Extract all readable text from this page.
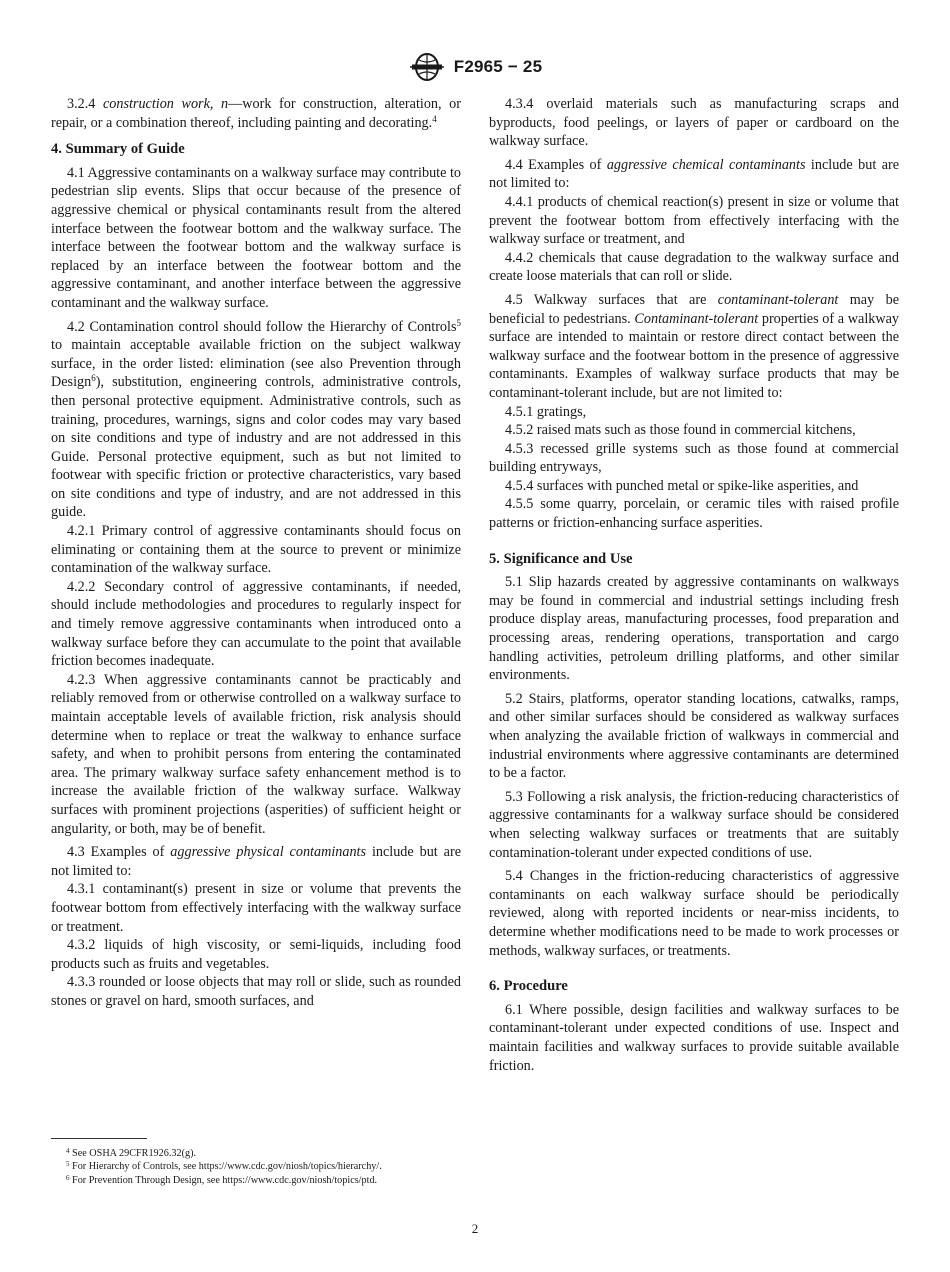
F2965 − 25

3.2.4 construction work, n—work for construction, alteration, or repair, or a combination thereof, including painting and decorating.$^4$

4. Summary of Guide

4.1 Aggressive contaminants on a walkway surface may contribute to pedestrian slip events. Slips that occur because of the presence of aggressive chemical or physical contaminants result from the altered interface between the footwear bottom and the walkway surface. The interface between the footwear bottom and the walkway surface is replaced by an interface between the footwear bottom and the aggressive contaminant, and another interface between the aggressive contaminant and the walkway surface.

4.2 Contamination control should follow the Hierarchy of Controls$^5$ to maintain acceptable available friction on the subject walkway surface, in the order listed: elimination (see also Prevention through Design$^6$), substitution, engineering controls, administrative controls, then personal protective equipment. Administrative controls, such as training, procedures, warnings, signs and color codes may vary based on site conditions and type of industry and are not addressed in this Guide. Personal protective equipment, such as but not limited to footwear with specific friction or protective characteristics, vary based on site conditions and type of industry, and are not addressed in this guide.

4.2.1 Primary control of aggressive contaminants should focus on eliminating or containing them at the source to prevent or minimize contamination of the walkway surface.

4.2.2 Secondary control of aggressive contaminants, if needed, should include methodologies and procedures to regularly inspect for and timely remove aggressive contaminants when introduced onto a walkway surface before they can accumulate to the point that available friction becomes inadequate.

4.2.3 When aggressive contaminants cannot be practicably and reliably removed from or otherwise controlled on a walkway surface to maintain acceptable levels of available friction, risk analysis should determine when to replace or treat the walkway to enhance surface safety, and when to prohibit persons from entering the contaminated area. The primary walkway surface safety enhancement method is to increase the available friction of the walkway surface. Walkway surfaces with prominent projections (asperities) of sufficient height or angularity, or both, may be of benefit.

4.3 Examples of aggressive physical contaminants include but are not limited to:

4.3.1 contaminant(s) present in size or volume that prevents the footwear bottom from effectively interfacing with the walkway surface or treatment.

4.3.2 liquids of high viscosity, or semi-liquids, including food products such as fruits and vegetables.

4.3.3 rounded or loose objects that may roll or slide, such as rounded stones or gravel on hard, smooth surfaces, and

4.3.4 overlaid materials such as manufacturing scraps and byproducts, food peelings, or layers of paper or cardboard on the walkway surface.

4.4 Examples of aggressive chemical contaminants include but are not limited to:

4.4.1 products of chemical reaction(s) present in size or volume that prevent the footwear bottom from effectively interfacing with the walkway surface or treatment, and

4.4.2 chemicals that cause degradation to the walkway surface and create loose materials that can roll or slide.

4.5 Walkway surfaces that are contaminant-tolerant may be beneficial to pedestrians. Contaminant-tolerant properties of a walkway surface are intended to maintain or restore direct contact between the walkway surface and the footwear bottom in the presence of aggressive contaminants. Examples of walkway surface products that may be contaminant-tolerant include, but are not limited to:

4.5.1 gratings,

4.5.2 raised mats such as those found in commercial kitchens,

4.5.3 recessed grille systems such as those found at commercial building entryways,

4.5.4 surfaces with punched metal or spike-like asperities, and

4.5.5 some quarry, porcelain, or ceramic tiles with raised profile patterns or friction-enhancing surface asperities.

5. Significance and Use

5.1 Slip hazards created by aggressive contaminants on walkways may be found in commercial and industrial settings including fresh produce display areas, manufacturing processes, food preparation and processing areas, rendering operations, transportation and cargo handling activities, petroleum drilling platforms, and other similar environments.

5.2 Stairs, platforms, operator standing locations, catwalks, ramps, and other similar surfaces should be considered as walkway surfaces when analyzing the available friction of walkways in commercial and industrial environments where aggressive contaminants are determined to be a factor.

5.3 Following a risk analysis, the friction-reducing characteristics of aggressive contaminants for a walkway surface should be considered when selecting walkway surfaces or treatments that are suitably contamination-tolerant under expected conditions of use.

5.4 Changes in the friction-reducing characteristics of aggressive contaminants on each walkway surface should be periodically reviewed, along with reported incidents or near-miss incidents, to determine whether modifications need to be made to work processes or methods, walkway surfaces, or treatments.

6. Procedure

6.1 Where possible, design facilities and walkway surfaces to be contaminant-tolerant under expected conditions of use. Inspect and maintain facilities and walkway surfaces to provide suitable available friction.

$^4$ See OSHA 29CFR1926.32(g).
$^5$ For Hierarchy of Controls, see https://www.cdc.gov/niosh/topics/hierarchy/.
$^6$ For Prevention Through Design, see https://www.cdc.gov/niosh/topics/ptd.
2
